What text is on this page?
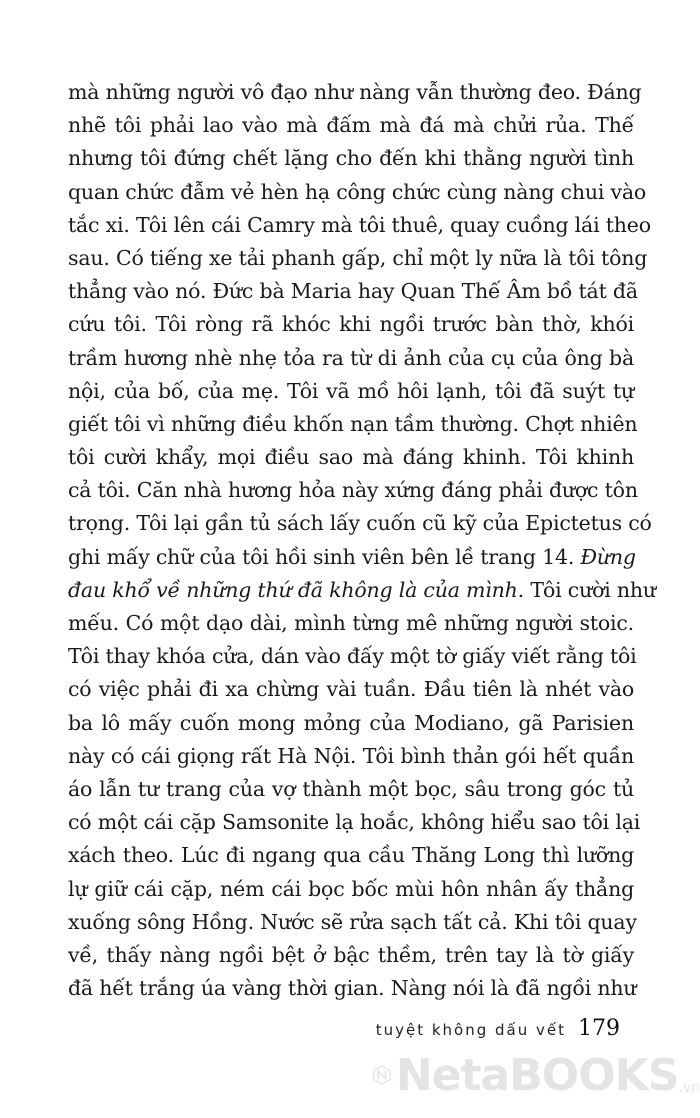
mà những người vô đạo như nàng vẫn thường đeo. Đáng
nhẽ tôi phải lao vào mà đấm mà đá mà chửi rủa. Thế
nhưng tôi đứng chết lặng cho đến khi thằng người tình
quan chức đẫm vẻ hèn hạ công chức cùng nàng chui vào
tắc xi. Tôi lên cái Camry mà tôi thuê, quay cuồng lái theo
sau. Có tiếng xe tải phanh gấp, chỉ một ly nữa là tôi tông
thẳng vào nó. Đức bà Maria hay Quan Thế Âm bồ tát đã
cứu tôi. Tôi ròng rã khóc khi ngồi trước bàn thờ, khói
trầm hương nhè nhẹ tỏa ra từ di ảnh của cụ của ông bà
nội, của bố, của mẹ. Tôi vã mồ hôi lạnh, tôi đã suýt tự
giết tôi vì những điều khốn nạn tầm thường. Chợt nhiên
tôi cười khẩy, mọi điều sao mà đáng khinh. Tôi khinh
cả tôi. Căn nhà hương hỏa này xứng đáng phải được tôn
trọng. Tôi lại gần tủ sách lấy cuốn cũ kỹ của Epictetus có
ghi mấy chữ của tôi hồi sinh viên bên lề trang 14. Đừng
đau khổ về những thứ đã không là của mình. Tôi cười như
mếu. Có một dạo dài, mình từng mê những người stoic.
Tôi thay khóa cửa, dán vào đấy một tờ giấy viết rằng tôi
có việc phải đi xa chừng vài tuần. Đầu tiên là nhét vào
ba lô mấy cuốn mong mỏng của Modiano, gã Parisien
này có cái giọng rất Hà Nội. Tôi bình thản gói hết quần
áo lẫn tư trang của vợ thành một bọc, sâu trong góc tủ
có một cái cặp Samsonite lạ hoắc, không hiểu sao tôi lại
xách theo. Lúc đi ngang qua cầu Thăng Long thì lưỡng
lự giữ cái cặp, ném cái bọc bốc mùi hôn nhân ấy thẳng
xuống sông Hồng. Nước sẽ rửa sạch tất cả. Khi tôi quay
về, thấy nàng ngồi bệt ở bậc thềm, trên tay là tờ giấy
đã hết trắng úa vàng thời gian. Nàng nói là đã ngồi như
tuyệt không dấu vết 179
NetaBOOKS .vn
